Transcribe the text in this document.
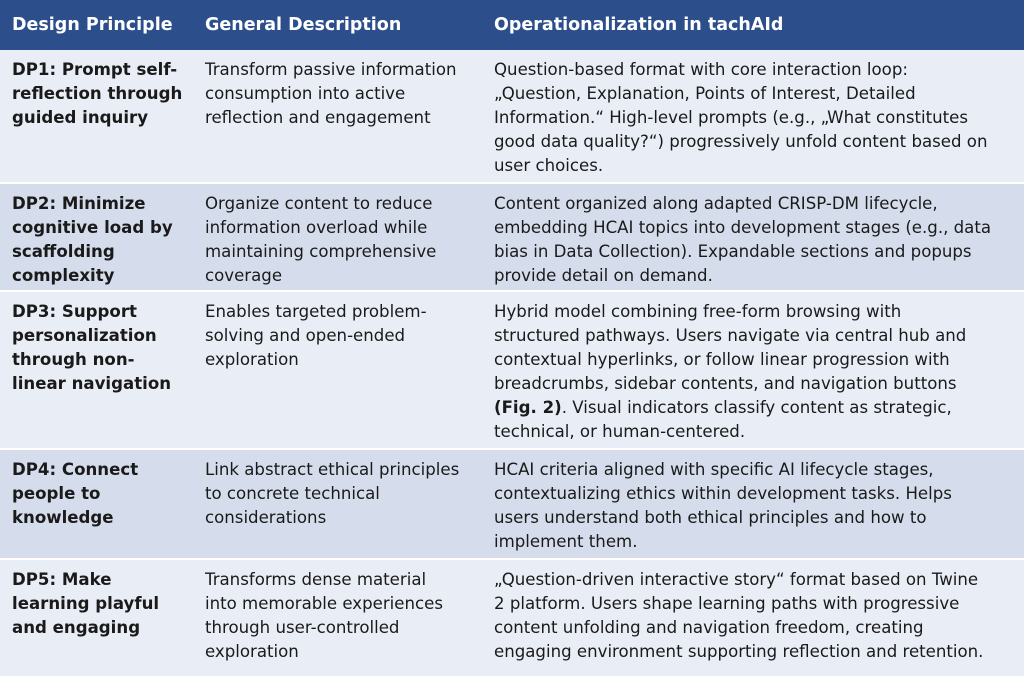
Design Principle	General Description	Operationalization in tachAId
DP1: Prompt self-
reflection through
guided inquiry
Transform passive information
consumption into active
reflection and engagement
Question-based format with core interaction loop:
„Question, Explanation, Points of Interest, Detailed
Information.“ High-level prompts (e.g., „What constitutes
good data quality?“) progressively unfold content based on
user choices.
DP2: Minimize
cognitive load by
scaffolding
complexity
Organize content to reduce
information overload while
maintaining comprehensive
coverage
Content organized along adapted CRISP-DM lifecycle,
embedding HCAI topics into development stages (e.g., data
bias in Data Collection). Expandable sections and popups
provide detail on demand.
DP3: Support
personalization
through non-
linear navigation
Enables targeted problem-
solving and open-ended
exploration
Hybrid model combining free-form browsing with
structured pathways. Users navigate via central hub and
contextual hyperlinks, or follow linear progression with
breadcrumbs, sidebar contents, and navigation buttons
(Fig. 2). Visual indicators classify content as strategic,
technical, or human-centered.
DP4: Connect
people to
knowledge
Link abstract ethical principles
to concrete technical
considerations
HCAI criteria aligned with specific AI lifecycle stages,
contextualizing ethics within development tasks. Helps
users understand both ethical principles and how to
implement them.
DP5: Make
learning playful
and engaging
Transforms dense material
into memorable experiences
through user-controlled
exploration
„Question-driven interactive story“ format based on Twine
2 platform. Users shape learning paths with progressive
content unfolding and navigation freedom, creating
engaging environment supporting reflection and retention.
